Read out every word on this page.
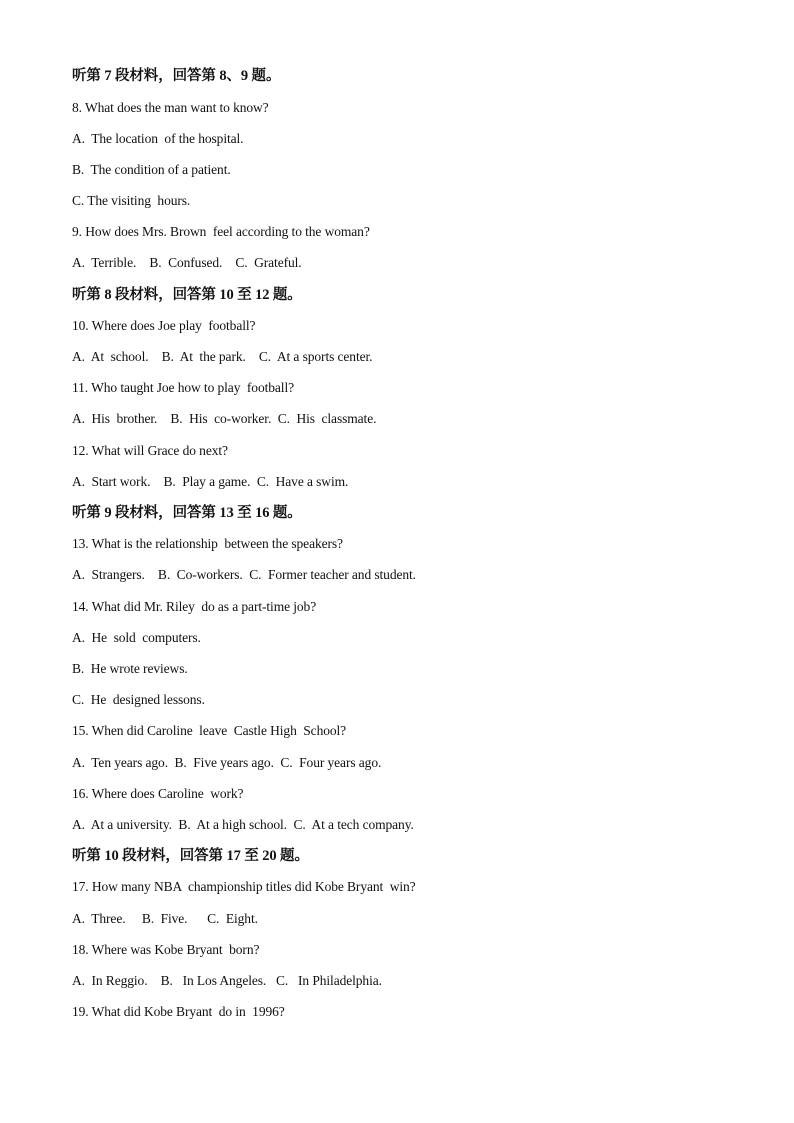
听第 7 段材料，回答第 8、9 题。
8. What does the man want to know?
A.  The location  of the hospital.
B.  The condition of a patient.
C. The visiting  hours.
9. How does Mrs. Brown  feel according to the woman?
A.  Terrible.    B.  Confused.    C.  Grateful.
听第 8 段材料，回答第 10 至 12 题。
10. Where does Joe play  football?
A.  At  school.    B.  At  the park.    C.  At a sports center.
11. Who taught Joe how to play  football?
A.  His  brother.    B.  His  co-worker.  C.  His  classmate.
12. What will Grace do next?
A.  Start work.    B.  Play a game.  C.  Have a swim.
听第 9 段材料，回答第 13 至 16 题。
13. What is the relationship  between the speakers?
A.  Strangers.    B.  Co-workers.  C.  Former teacher and student.
14. What did Mr. Riley  do as a part-time job?
A.  He  sold  computers.
B.  He wrote reviews.
C.  He  designed lessons.
15. When did Caroline  leave  Castle High  School?
A.  Ten years ago.  B.  Five years ago.  C.  Four years ago.
16. Where does Caroline  work?
A.  At a university.  B.  At a high school.  C.  At a tech company.
听第 10 段材料，回答第 17 至 20 题。
17. How many NBA  championship titles did Kobe Bryant  win?
A.  Three.     B.  Five.      C.  Eight.
18. Where was Kobe Bryant  born?
A.  In Reggio.    B.   In Los Angeles.   C.   In Philadelphia.
19. What did Kobe Bryant  do in  1996?
